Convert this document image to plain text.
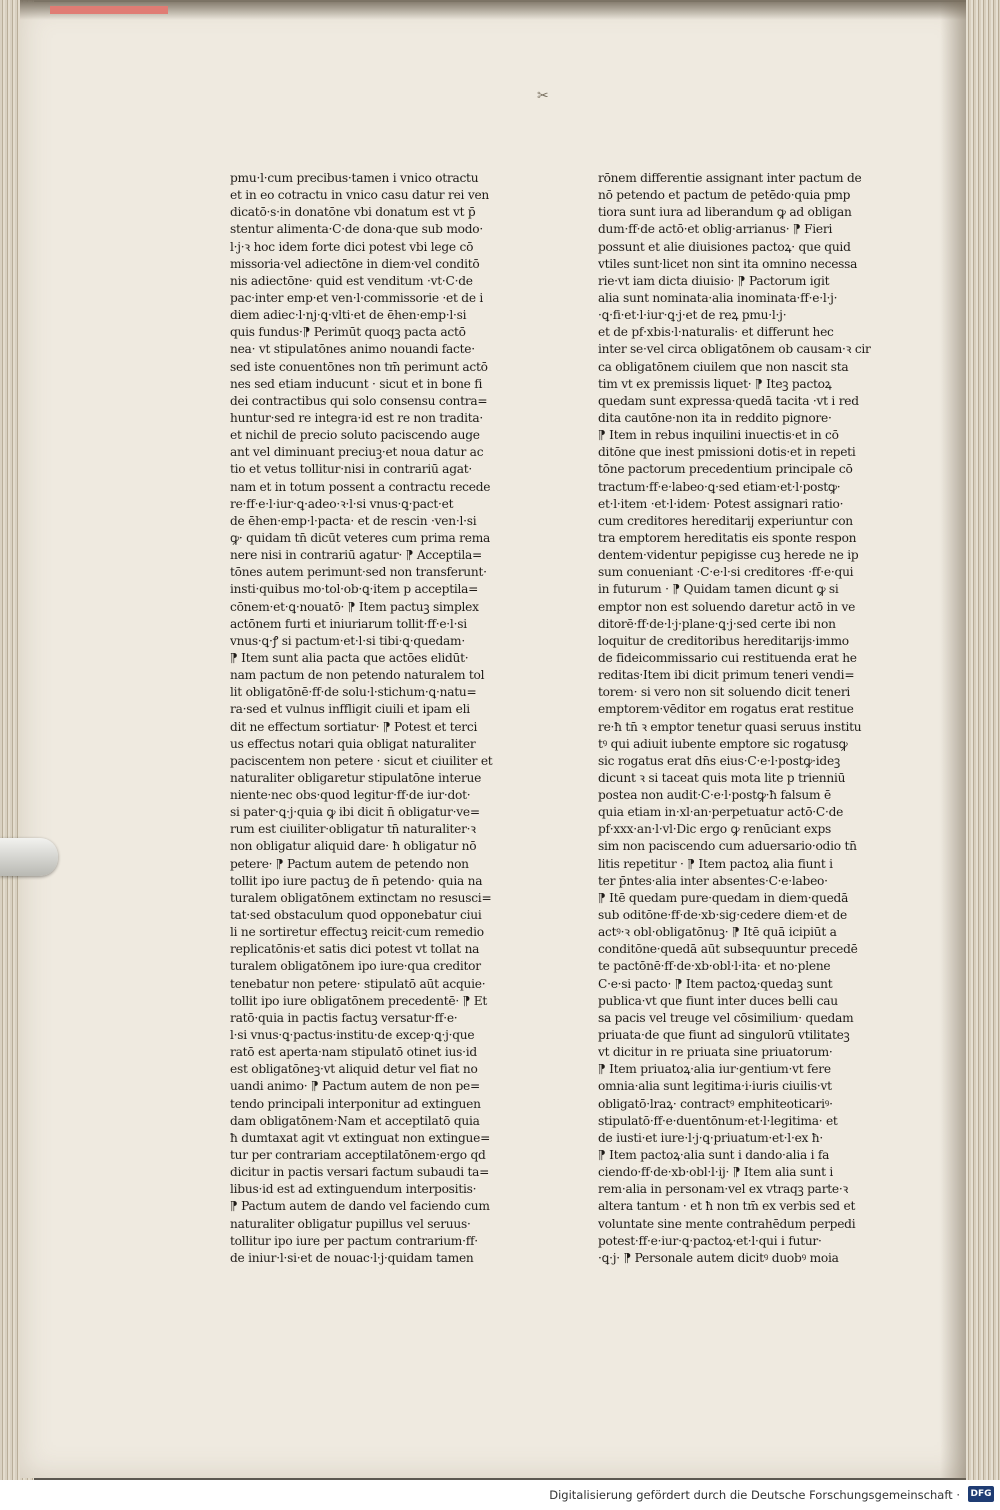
✂
pmu·l·cum precibus·tamen i vnico otractu
et in eo cotractu in vnico casu datur rei ven
dicatō·s·in donatōne vbi donatum est vt p̄
stentur alimenta·C·de dona·que sub modo·
l·j·ꝛ hoc idem forte dici potest vbi lege cō
missoria·vel adiectōne in diem·vel conditō
nis adiectōne· quid est venditum ·vt·C·de
pac·inter emp·et ven·l·commissorie ·et de i
diem adiec·l·nj·ꝗ·vlti·et de ēhen·emp·l·si
quis fundus·⁋ Perimūt quoqꝫ pacta actō
nea· vt stipulatōnes animo nouandi facte·
sed iste conuentōnes non tm̄ perimunt actō
nes sed etiam inducunt · sicut et in bone fi
dei contractibus qui solo consensu contra=
huntur·sed re integra·id est re non tradita·
et nichil de precio soluto paciscendo auge
ant vel diminuant preciuꝫ·et noua datur ac
tio et vetus tollitur·nisi in contrariū agat·
nam et in totum possent a contractu recede
re·ff·e·l·iur·ꝗ·adeo·ꝛ·l·si vnus·ꝗ·pact·et
de ēhen·emp·l·pacta· et de rescin ·ven·l·si
ꝙ· quidam tn̄ dicūt veteres cum prima rema
nere nisi in contrariū agatur· ⁋ Acceptila=
tōnes autem perimunt·sed non transferunt·
insti·quibus mo·tol·ob·ꝗ·item p acceptila=
cōnem·et·ꝗ·nouatō· ⁋ Item pactuꝫ simplex
actōnem furti et iniuriarum tollit·ff·e·l·si
vnus·ꝗ·ꝭ si pactum·et·l·si tibi·ꝗ·quedam·
⁋ Item sunt alia pacta que actōes elidūt·
nam pactum de non petendo naturalem tol
lit obligatōnē·ff·de solu·l·stichum·ꝗ·natu=
ra·sed et vulnus inffligit ciuili et ipam eli
dit ne effectum sortiatur· ⁋ Potest et terci
us effectus notari quia obligat naturaliter
paciscentem non petere · sicut et ciuiliter et
naturaliter obligaretur stipulatōne interue
niente·nec obs·quod legitur·ff·de iur·dot·
si pater·ꝗ·j·quia ꝙ ibi dicit n̄ obligatur·ve=
rum est ciuiliter·obligatur tn̄ naturaliter·ꝛ
non obligatur aliquid dare· ħ obligatur nō
petere· ⁋ Pactum autem de petendo non
tollit ipo iure pactuꝫ de n̄ petendo· quia na
turalem obligatōnem extinctam no resusci=
tat·sed obstaculum quod opponebatur ciui
li ne sortiretur effectuꝫ reicit·cum remedio
replicatōnis·et satis dici potest vt tollat na
turalem obligatōnem ipo iure·qua creditor
tenebatur non petere· stipulatō aūt acquie·
tollit ipo iure obligatōnem precedentē· ⁋ Et
ratō·quia in pactis factuꝫ versatur·ff·e·
l·si vnus·ꝗ·pactus·institu·de excep·ꝗ·j·que
ratō est aperta·nam stipulatō otinet ius·id
est obligatōneꝫ·vt aliquid detur vel fiat no
uandi animo· ⁋ Pactum autem de non pe=
tendo principali interponitur ad extinguen
dam obligatōnem·Nam et acceptilatō quia
ħ dumtaxat agit vt extinguat non extingue=
tur per contrariam acceptilatōnem·ergo qd
dicitur in pactis versari factum subaudi ta=
libus·id est ad extinguendum interpositis·
⁋ Pactum autem de dando vel faciendo cum
naturaliter obligatur pupillus vel seruus·
tollitur ipo iure per pactum contrarium·ff·
de iniur·l·si·et de nouac·l·j·quidam tamen
rōnem differentie assignant inter pactum de
nō petendo et pactum de petēdo·quia pmp
tiora sunt iura ad liberandum ꝙ ad obligan
dum·ff·de actō·et oblig·arrianus· ⁋ Fieri
possunt et alie diuisiones pactoꝝ· que quid
vtiles sunt·licet non sint ita omnino necessa
rie·vt iam dicta diuisio· ⁋ Pactorum igit
alia sunt nominata·alia inominata·ff·e·l·j·
·ꝗ·fi·et·l·iur·ꝗ·j·et de reꝝ pmu·l·j·
et de pf·xbis·l·naturalis· et differunt hec
inter se·vel circa obligatōnem ob causam·ꝛ cir
ca obligatōnem ciuilem que non nascit sta
tim vt ex premissis liquet· ⁋ Iteꝫ pactoꝝ
quedam sunt expressa·quedā tacita ·vt i red
dita cautōne·non ita in reddito pignore·
⁋ Item in rebus inquilini inuectis·et in cō
ditōne que inest pmissioni dotis·et in repeti
tōne pactorum precedentium principale cō
tractum·ff·e·labeo·ꝗ·sed etiam·et·l·postꝙ·
et·l·item ·et·l·idem· Potest assignari ratio·
cum creditores hereditarij experiuntur con
tra emptorem hereditatis eis sponte respon
dentem·videntur pepigisse cuꝫ herede ne ip
sum conueniant ·C·e·l·si creditores ·ff·e·qui
in futurum · ⁋ Quidam tamen dicunt ꝙ si
emptor non est soluendo daretur actō in ve
ditorē·ff·de·l·j·plane·ꝗ·j·sed certe ibi non
loquitur de creditoribus hereditarijs·immo
de fideicommissario cui restituenda erat he
reditas·Item ibi dicit primum teneri vendi=
torem· si vero non sit soluendo dicit teneri
emptorem·vēditor em rogatus erat restitue
re·ħ tn̄ ꝛ emptor tenetur quasi seruus institu
tꝰ qui adiuit iubente emptore sic rogatusꝙ
sic rogatus erat dn̄s eius·C·e·l·postꝙ·ideꝫ
dicunt ꝛ si taceat quis mota lite p trienniū
postea non audit·C·e·l·postꝙ·ħ falsum ē
quia etiam in·xl·an·perpetuatur actō·C·de
pf·xxx·an·l·vl·Dic ergo ꝙ renūciant exps
sim non paciscendo cum aduersario·odio tn̄
litis repetitur · ⁋ Item pactoꝝ alia fiunt i
ter p̄ntes·alia inter absentes·C·e·labeo·
⁋ Itē quedam pure·quedam in diem·quedā
sub oditōne·ff·de·xb·sig·cedere diem·et de
actꝰ·ꝛ obl·obligatōnuꝫ· ⁋ Itē quā icipiūt a
conditōne·quedā aūt subsequuntur precedē
te pactōnē·ff·de·xb·obl·l·ita· et no·plene
C·e·si pacto· ⁋ Item pactoꝝ·quedaꝫ sunt
publica·vt que fiunt inter duces belli cau
sa pacis vel treuge vel cōsimilium· quedam
priuata·de que fiunt ad singulorū vtilitateꝫ
vt dicitur in re priuata sine priuatorum·
⁋ Item priuatoꝝ·alia iur·gentium·vt fere
omnia·alia sunt legitima·i·iuris ciuilis·vt
obligatō·lraꝝ· contractꝰ emphiteoticariꝰ·
stipulatō·ff·e·duentōnum·et·l·legitima· et
de iusti·et iure·l·j·ꝗ·priuatum·et·l·ex ħ·
⁋ Item pactoꝝ·alia sunt i dando·alia i fa
ciendo·ff·de·xb·obl·l·ij· ⁋ Item alia sunt i
rem·alia in personam·vel ex vtraqꝫ parte·ꝛ
altera tantum · et ħ non tm̄ ex verbis sed et
voluntate sine mente contrahēdum perpedi
potest·ff·e·iur·ꝗ·pactoꝝ·et·l·qui i futur·
·ꝗ·j· ⁋ Personale autem dicitꝰ duobꝰ moia
Digitalisierung gefördert durch die Deutsche Forschungsgemeinschaft · DFG
